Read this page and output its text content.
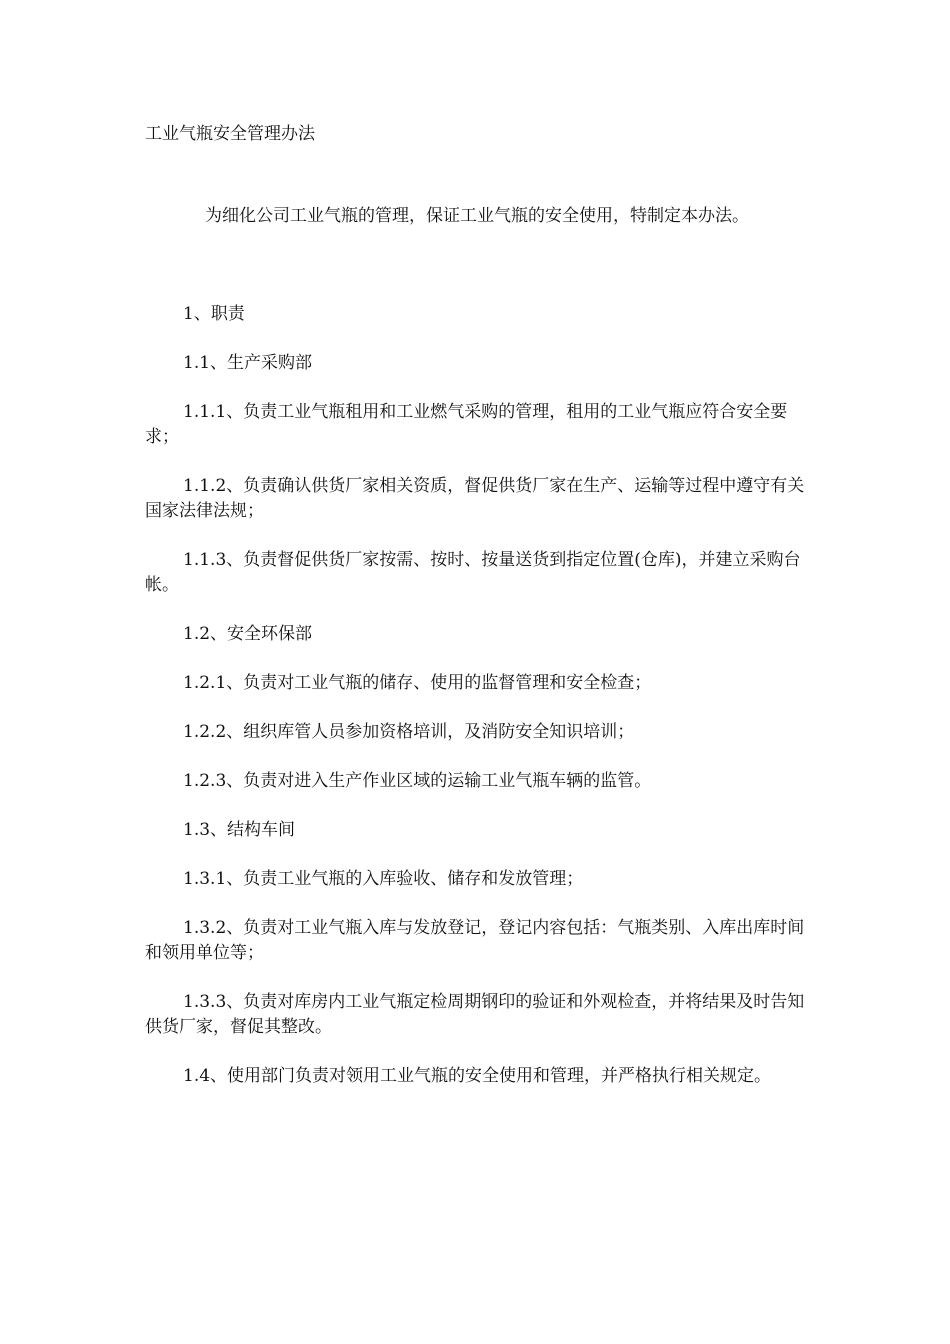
工业气瓶安全管理办法

为细化公司工业气瓶的管理，保证工业气瓶的安全使用，特制定本办法。

1、职责

1.1、生产采购部

1.1.1、负责工业气瓶租用和工业燃气采购的管理，租用的工业气瓶应符合安全要求；

1.1.2、负责确认供货厂家相关资质，督促供货厂家在生产、运输等过程中遵守有关国家法律法规；

1.1.3、负责督促供货厂家按需、按时、按量送货到指定位置(仓库)，并建立采购台帐。

1.2、安全环保部

1.2.1、负责对工业气瓶的储存、使用的监督管理和安全检查；

1.2.2、组织库管人员参加资格培训，及消防安全知识培训；

1.2.3、负责对进入生产作业区域的运输工业气瓶车辆的监管。

1.3、结构车间

1.3.1、负责工业气瓶的入库验收、储存和发放管理；

1.3.2、负责对工业气瓶入库与发放登记，登记内容包括：气瓶类别、入库出库时间和领用单位等；

1.3.3、负责对库房内工业气瓶定检周期钢印的验证和外观检查，并将结果及时告知供货厂家，督促其整改。

1.4、使用部门负责对领用工业气瓶的安全使用和管理，并严格执行相关规定。
